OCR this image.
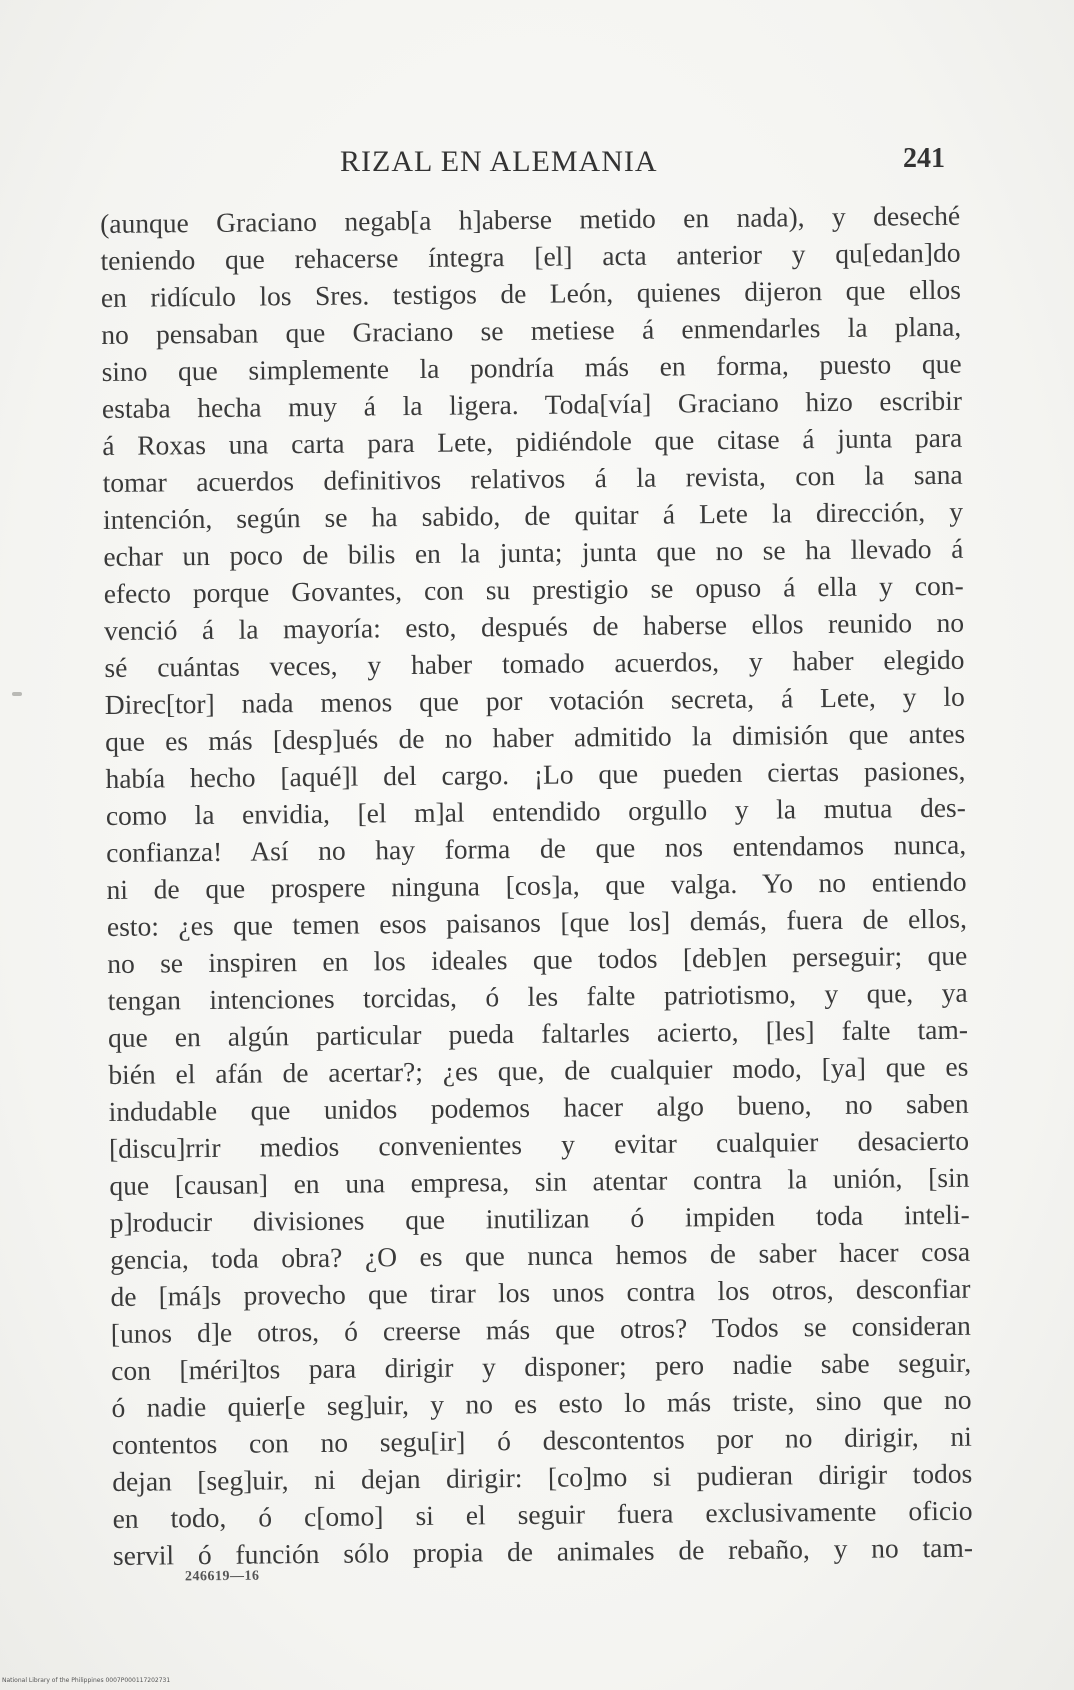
RIZAL EN ALEMANIA	241
(aunque Graciano negab[a h]aberse metido en nada), y deseché
teniendo que rehacerse íntegra [el] acta anterior y qu[edan]do
en ridículo los Sres. testigos de León, quienes dijeron que ellos
no pensaban que Graciano se metiese á enmendarles la plana,
sino que simplemente la pondría más en forma, puesto que
estaba hecha muy á la ligera. Toda[vía] Graciano hizo escribir
á Roxas una carta para Lete, pidiéndole que citase á junta para
tomar acuerdos definitivos relativos á la revista, con la sana
intención, según se ha sabido, de quitar á Lete la dirección, y
echar un poco de bilis en la junta; junta que no se ha llevado á
efecto porque Govantes, con su prestigio se opuso á ella y con-
venció á la mayoría: esto, después de haberse ellos reunido no
sé cuántas veces, y haber tomado acuerdos, y haber elegido
Direc[tor] nada menos que por votación secreta, á Lete, y lo
que es más [desp]ués de no haber admitido la dimisión que antes
había hecho [aqué]l del cargo. ¡Lo que pueden ciertas pasiones,
como la envidia, [el m]al entendido orgullo y la mutua des-
confianza! Así no hay forma de que nos entendamos nunca,
ni de que prospere ninguna [cos]a, que valga. Yo no entiendo
esto: ¿es que temen esos paisanos [que los] demás, fuera de ellos,
no se inspiren en los ideales que todos [deb]en perseguir; que
tengan intenciones torcidas, ó les falte patriotismo, y que, ya
que en algún particular pueda faltarles acierto, [les] falte tam-
bién el afán de acertar?; ¿es que, de cualquier modo, [ya] que es
indudable que unidos podemos hacer algo bueno, no saben
[discu]rrir medios convenientes y evitar cualquier desacierto
que [causan] en una empresa, sin atentar contra la unión, [sin
p]roducir divisiones que inutilizan ó impiden toda inteli-
gencia, toda obra? ¿O es que nunca hemos de saber hacer cosa
de [má]s provecho que tirar los unos contra los otros, desconfiar
[unos d]e otros, ó creerse más que otros? Todos se consideran
con [méri]tos para dirigir y disponer; pero nadie sabe seguir,
ó nadie quier[e seg]uir, y no es esto lo más triste, sino que no
contentos con no segu[ir] ó descontentos por no dirigir, ni
dejan [seg]uir, ni dejan dirigir: [co]mo si pudieran dirigir todos
en todo, ó c[omo] si el seguir fuera exclusivamente oficio
servil ó función sólo propia de animales de rebaño, y no tam-
246619—16
National Library of the Philippines 0007P000117202731
